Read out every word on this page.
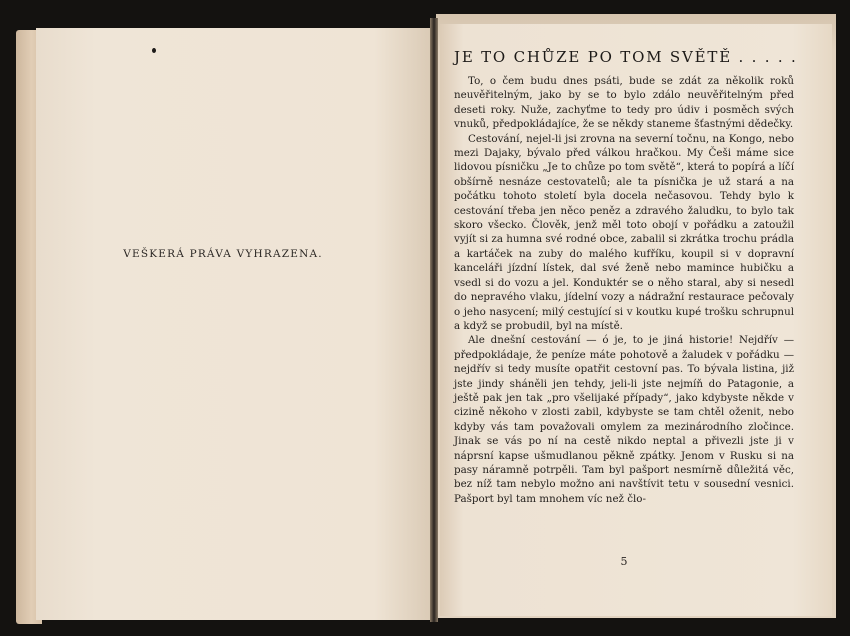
VEŠKERÁ PRÁVA VYHRAZENA.
JE TO CHŮZE PO TOM SVĚTĚ . . . . .

To, o čem budu dnes psáti, bude se zdát za několik roků neuvěřitelným, jako by se to bylo zdálo neuvěřitelným před deseti roky. Nuže, zachyťme to tedy pro údiv i posměch svých vnuků, předpokládajíce, že se někdy staneme šťastnými dědečky.

Cestování, nejel-li jsi zrovna na severní točnu, na Kongo, nebo mezi Dajaky, bývalo před válkou hračkou. My Češi máme sice lidovou písničku „Je to chůze po tom světě“, která to popírá a líčí obšírně nesnáze cestovatelů; ale ta písnička je už stará a na počátku tohoto století byla docela nečasovou. Tehdy bylo k cestování třeba jen něco peněz a zdravého žaludku, to bylo tak skoro všecko. Člověk, jenž měl toto obojí v pořádku a zatoužil vyjít si za humna své rodné obce, zabalil si zkrátka trochu prádla a kartáček na zuby do malého kufříku, koupil si v dopravní kanceláři jízdní lístek, dal své ženě nebo mamince hubičku a vsedl si do vozu a jel. Konduktér se o něho staral, aby si nesedl do nepravého vlaku, jídelní vozy a nádražní restaurace pečovaly o jeho nasycení; milý cestující si v koutku kupé trošku schrupnul a když se probudil, byl na místě.

Ale dnešní cestování — ó je, to je jiná historie! Nejdřív — předpokládaje, že peníze máte pohotově a žaludek v pořádku — nejdřív si tedy musíte opatřit cestovní pas. To bývala listina, již jste jindy sháněli jen tehdy, jeli-li jste nejmíň do Patagonie, a ještě pak jen tak „pro všelijaké případy“, jako kdybyste někde v cizině někoho v zlosti zabil, kdybyste se tam chtěl oženit, nebo kdyby vás tam považovali omylem za mezinárodního zločince. Jinak se vás po ní na cestě nikdo neptal a přivezli jste ji v náprsní kapse ušmudlanou pěkně zpátky. Jenom v Rusku si na pasy náramně potrpěli. Tam byl pašport nesmírně důležitá věc, bez níž tam nebylo možno ani navštívit tetu v sousední vesnici. Pašport byl tam mnohem víc než člo-

5
